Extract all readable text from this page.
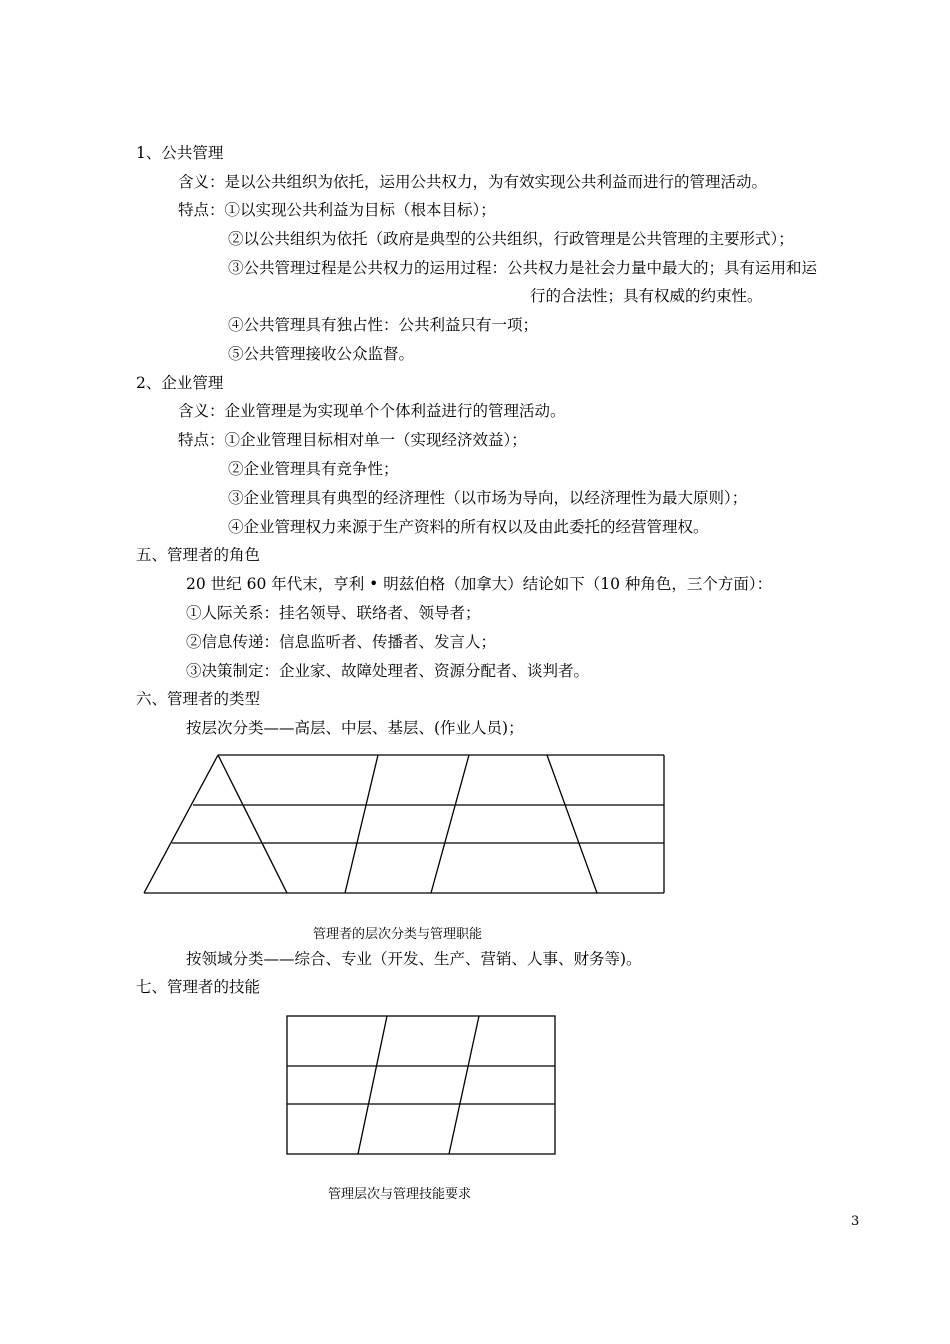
1、公共管理
含义：是以公共组织为依托，运用公共权力，为有效实现公共利益而进行的管理活动。
特点：①以实现公共利益为目标（根本目标）；
②以公共组织为依托（政府是典型的公共组织，行政管理是公共管理的主要形式）；
③公共管理过程是公共权力的运用过程：公共权力是社会力量中最大的；具有运用和运
行的合法性；具有权威的约束性。
④公共管理具有独占性：公共利益只有一项；
⑤公共管理接收公众监督。
2、企业管理
含义：企业管理是为实现单个个体利益进行的管理活动。
特点：①企业管理目标相对单一（实现经济效益）；
②企业管理具有竞争性；
③企业管理具有典型的经济理性（以市场为导向，以经济理性为最大原则）；
④企业管理权力来源于生产资料的所有权以及由此委托的经营管理权。
五、管理者的角色
20 世纪 60 年代末，亨利 • 明兹伯格（加拿大）结论如下（10 种角色，三个方面）：
①人际关系：挂名领导、联络者、领导者；
②信息传递：信息监听者、传播者、发言人；
③决策制定：企业家、故障处理者、资源分配者、谈判者。
六、管理者的类型
按层次分类——高层、中层、基层、(作业人员)；
管理者的层次分类与管理职能
按领域分类——综合、专业（开发、生产、营销、人事、财务等)。
七、管理者的技能
管理层次与管理技能要求
3
